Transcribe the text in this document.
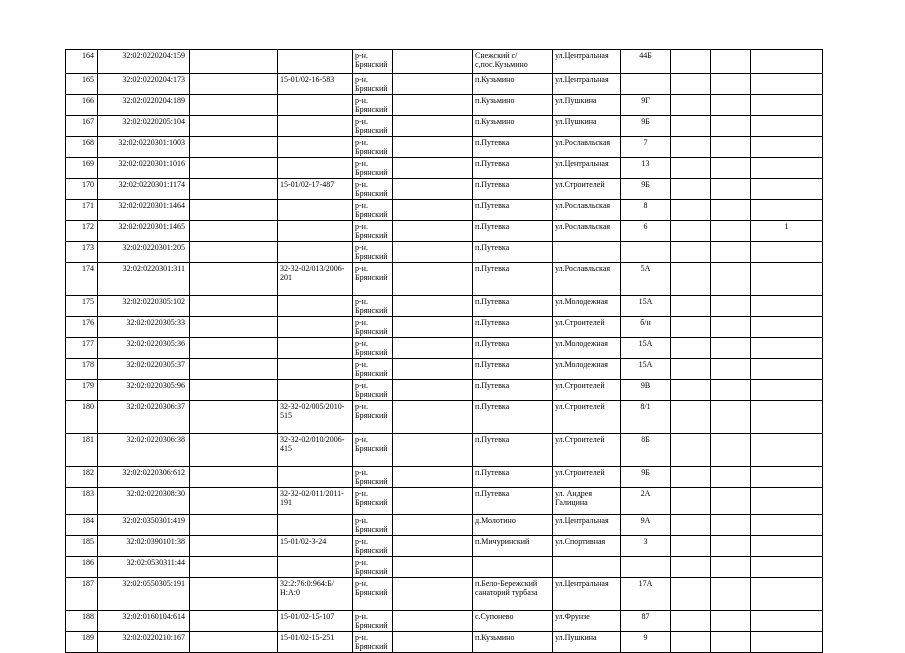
164	32:02:0220204:159			р-н. Брянский		Снежский с/с,пос.Кузьмино	ул.Центральная	44Б			
165	32:02:0220204:173		15-01/02-16-583	р-н. Брянский		п.Кузьмино	ул.Центральная				
166	32:02:0220204:189			р-н. Брянский		п.Кузьмино	ул.Пушкина	9Г			
167	32:02:0220205:104			р-н. Брянский		п.Кузьмино	ул.Пушкина	9Б			
168	32:02:0220301:1003			р-н. Брянский		п.Путевка	ул.Рославльская	7			
169	32:02:0220301:1016			р-н. Брянский		п.Путевка	ул.Центральная	13			
170	32:02:0220301:1174		15-01/02-17-487	р-н. Брянский		п.Путевка	ул.Строителей	9Б			
171	32:02:0220301:1464			р-н. Брянский		п.Путевка	ул.Рославльская	8			
172	32:02:0220301:1465			р-н. Брянский		п.Путевка	ул.Рославльская	6			1
173	32:02:0220301:205			р-н. Брянский		п.Путевка					
174	32:02:0220301:311		32-32-02/013/2006-201	р-н. Брянский		п.Путевка	ул.Рославльская	5А			
175	32:02:0220305:102			р-н. Брянский		п.Путевка	ул.Молодежная	15А			
176	32:02:0220305:33			р-н. Брянский		п.Путевка	ул.Строителей	б/н			
177	32:02:0220305:36			р-н. Брянский		п.Путевка	ул.Молодежная	15А			
178	32:02:0220305:37			р-н. Брянский		п.Путевка	ул.Молодежная	15А			
179	32:02:0220305:96			р-н. Брянский		п.Путевка	ул.Строителей	9В			
180	32:02:0220306:37		32-32-02/005/2010-515	р-н. Брянский		п.Путевка	ул.Строителей	8/1			
181	32:02:0220306:38		32-32-02/010/2006-415	р-н. Брянский		п.Путевка	ул.Строителей	8Б			
182	32:02:0220306:612			р-н. Брянский		п.Путевка	ул.Строителей	9Б			
183	32:02:0220308:30		32-32-02/011/2011-191	р-н. Брянский		п.Путевка	ул. Андрея Галицина	2А			
184	32:02:0350301:419			р-н. Брянский		д.Молотино	ул.Центральная	9А			
185	32:02:0390101:38		15-01/02-3-24	р-н. Брянский		п.Мичуринский	ул.Спортивная	3			
186	32:02:0530311:44			р-н. Брянский							
187	32:02:0550305:191		32:2:76:0:964:Б/Н:А:0	р-н. Брянский		п.Бело-Бережский санаторий турбаза	ул.Центральная	17А			
188	32:02:0160104:614		15-01/02-15-107	р-н. Брянский		с.Супонево	ул.Фрунзе	87			
189	32:02:0220210:167		15-01/02-15-251	р-н. Брянский		п.Кузьмино	ул.Пушкина	9			
